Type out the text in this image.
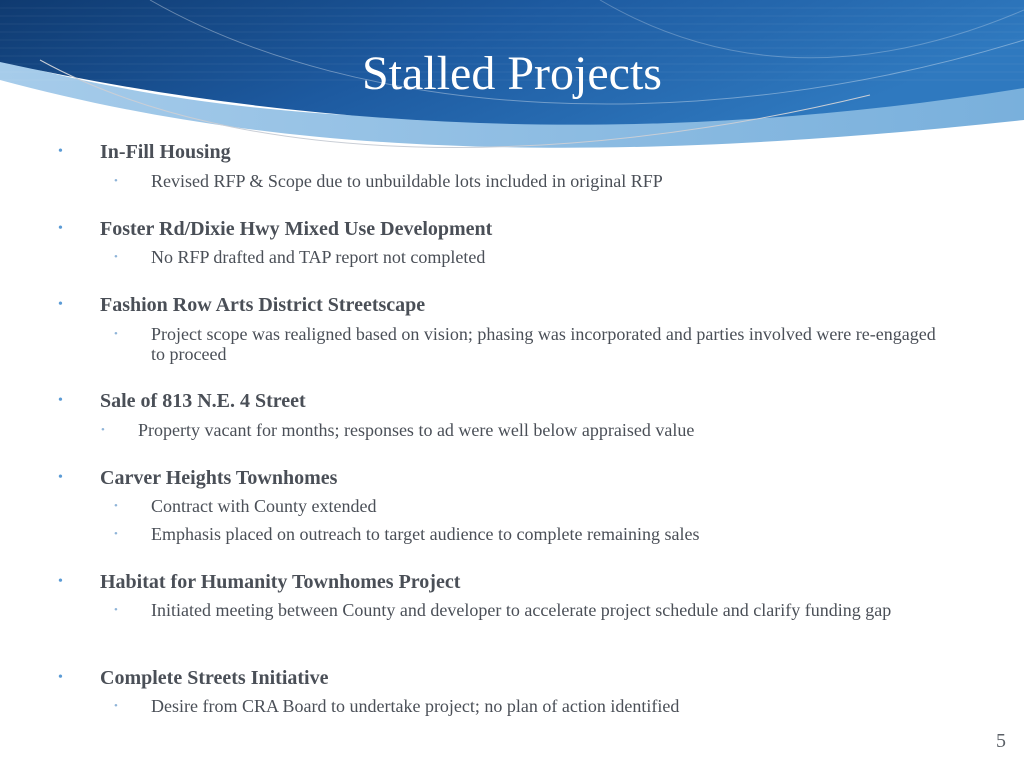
Stalled Projects
• In-Fill Housing
• Revised RFP & Scope due to unbuildable lots included in original RFP
• Foster Rd/Dixie Hwy Mixed Use Development
• No RFP drafted and TAP report not completed
• Fashion Row Arts District Streetscape
• Project scope was realigned based on vision; phasing was incorporated and parties involved were re-engaged to proceed
• Sale of 813 N.E. 4 Street
• Property vacant for months; responses to ad were well below appraised value
• Carver Heights Townhomes
• Contract with County extended
• Emphasis placed on outreach to target audience to complete remaining sales
• Habitat for Humanity Townhomes Project
• Initiated meeting between County and developer to accelerate project schedule and clarify funding gap
• Complete Streets Initiative
• Desire from CRA Board to undertake project; no plan of action identified
5
